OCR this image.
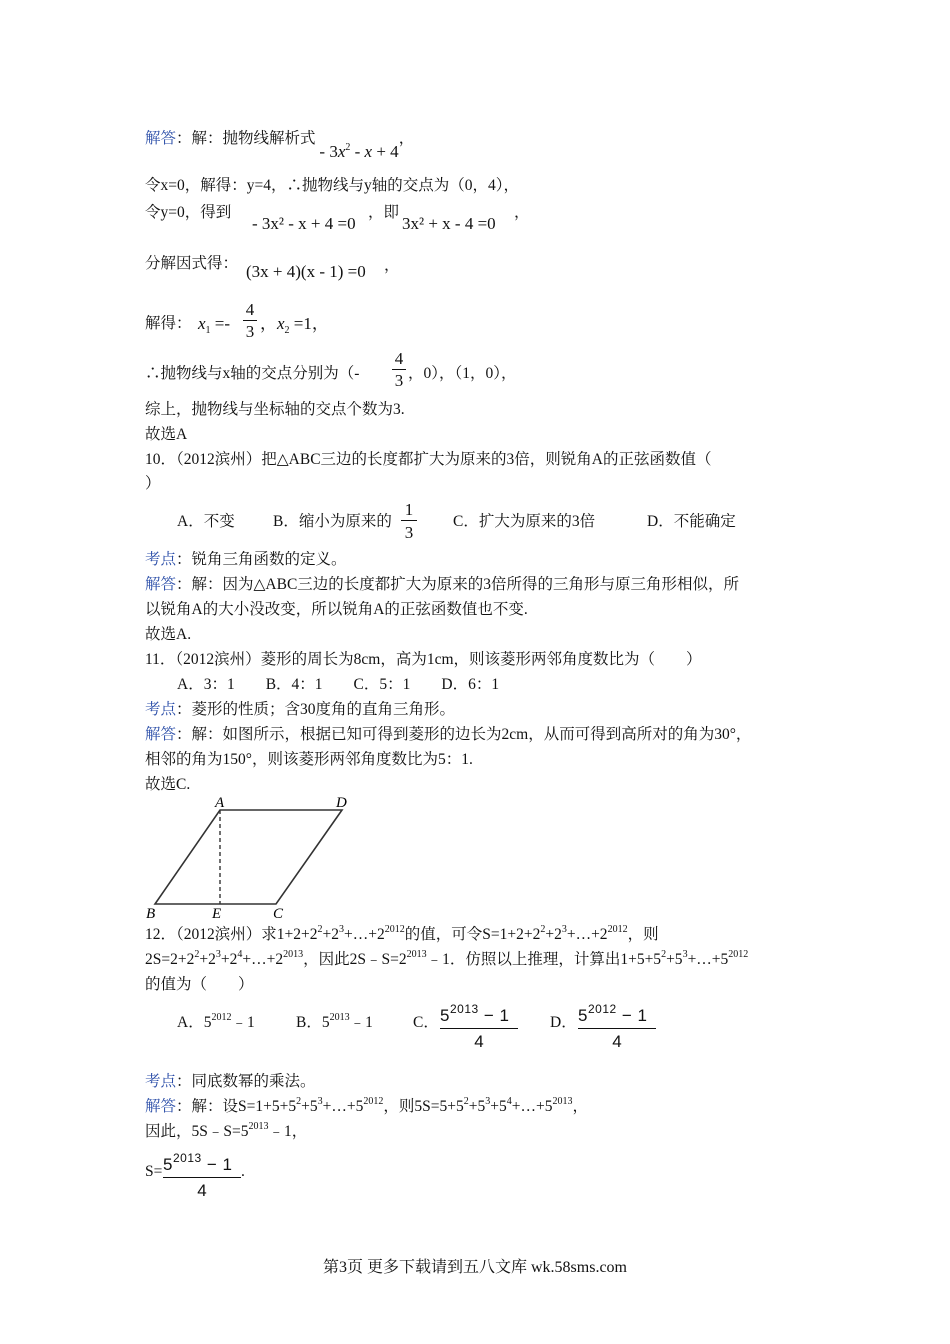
解答：解：抛物线解析式 - $3x^2 - x + 4$，
令x=0，解得：y=4，∴抛物线与y轴的交点为（0，4），
令y=0，得到
- 3x² - x + 4 =0
，即
3x² + x - 4 =0
，
分解因式得： (3x + 4)(x - 1) =0 ，
解得： $x_1$ =-
4
3 ，$x_2 =1$，
∴抛物线与x轴的交点分别为（-
4
3 ，0），（1，0），
综上，抛物线与坐标轴的交点个数为3.
故选A
10．（2012滨州）把△ABC三边的长度都扩大为原来的3倍，则锐角A的正弦函数值（
）
A．不变 B．缩小为原来的
1
3
C．扩大为原来的3倍	D．不能确定
考点：锐角三角函数的定义。
解答：解：因为△ABC三边的长度都扩大为原来的3倍所得的三角形与原三角形相似，所
以锐角A的大小没改变，所以锐角A的正弦函数值也不变.
故选A.
11．（2012滨州）菱形的周长为8cm，高为1cm，则该菱形两邻角度数比为（　　）
A．3：1　　B．4：1　　C．5：1　　D．6：1
考点：菱形的性质；含30度角的直角三角形。
解答：解：如图所示，根据已知可得到菱形的边长为2cm，从而可得到高所对的角为30°，
相邻的角为150°，则该菱形两邻角度数比为5：1.
故选C.
A	D
B	E	C
12．（2012滨州）求$1+2+2^2+2^3+\dots+2^{2012}$的值，可令$S=1+2+2^2+2^3+\dots+2^{2012}$，则
$2S=2+2^2+2^3+2^4+\dots+2^{2013}$，因此$2S﹣S=2^{2013}﹣1$．仿照以上推理，计算出$1+5+5^2+5^3+\dots+5^{2012}$
的值为（　　）
A．$5^{2012}﹣1$	B．$5^{2013}﹣1$	C． $5^{2013} - 1$
4
D． $5^{2012} - 1$
4
考点：同底数幂的乘法。
解答：解：设$S=1+5+5^2+5^3+\dots+5^{2012}$，则$5S=5+5^2+5^3+5^4+\dots+5^{2013}$，
因此，$5S﹣S=5^{2013}﹣1$，
$S= 5^{2013} - 1$
4
.
第3页 更多下载请到五八文库 wk.58sms.com
